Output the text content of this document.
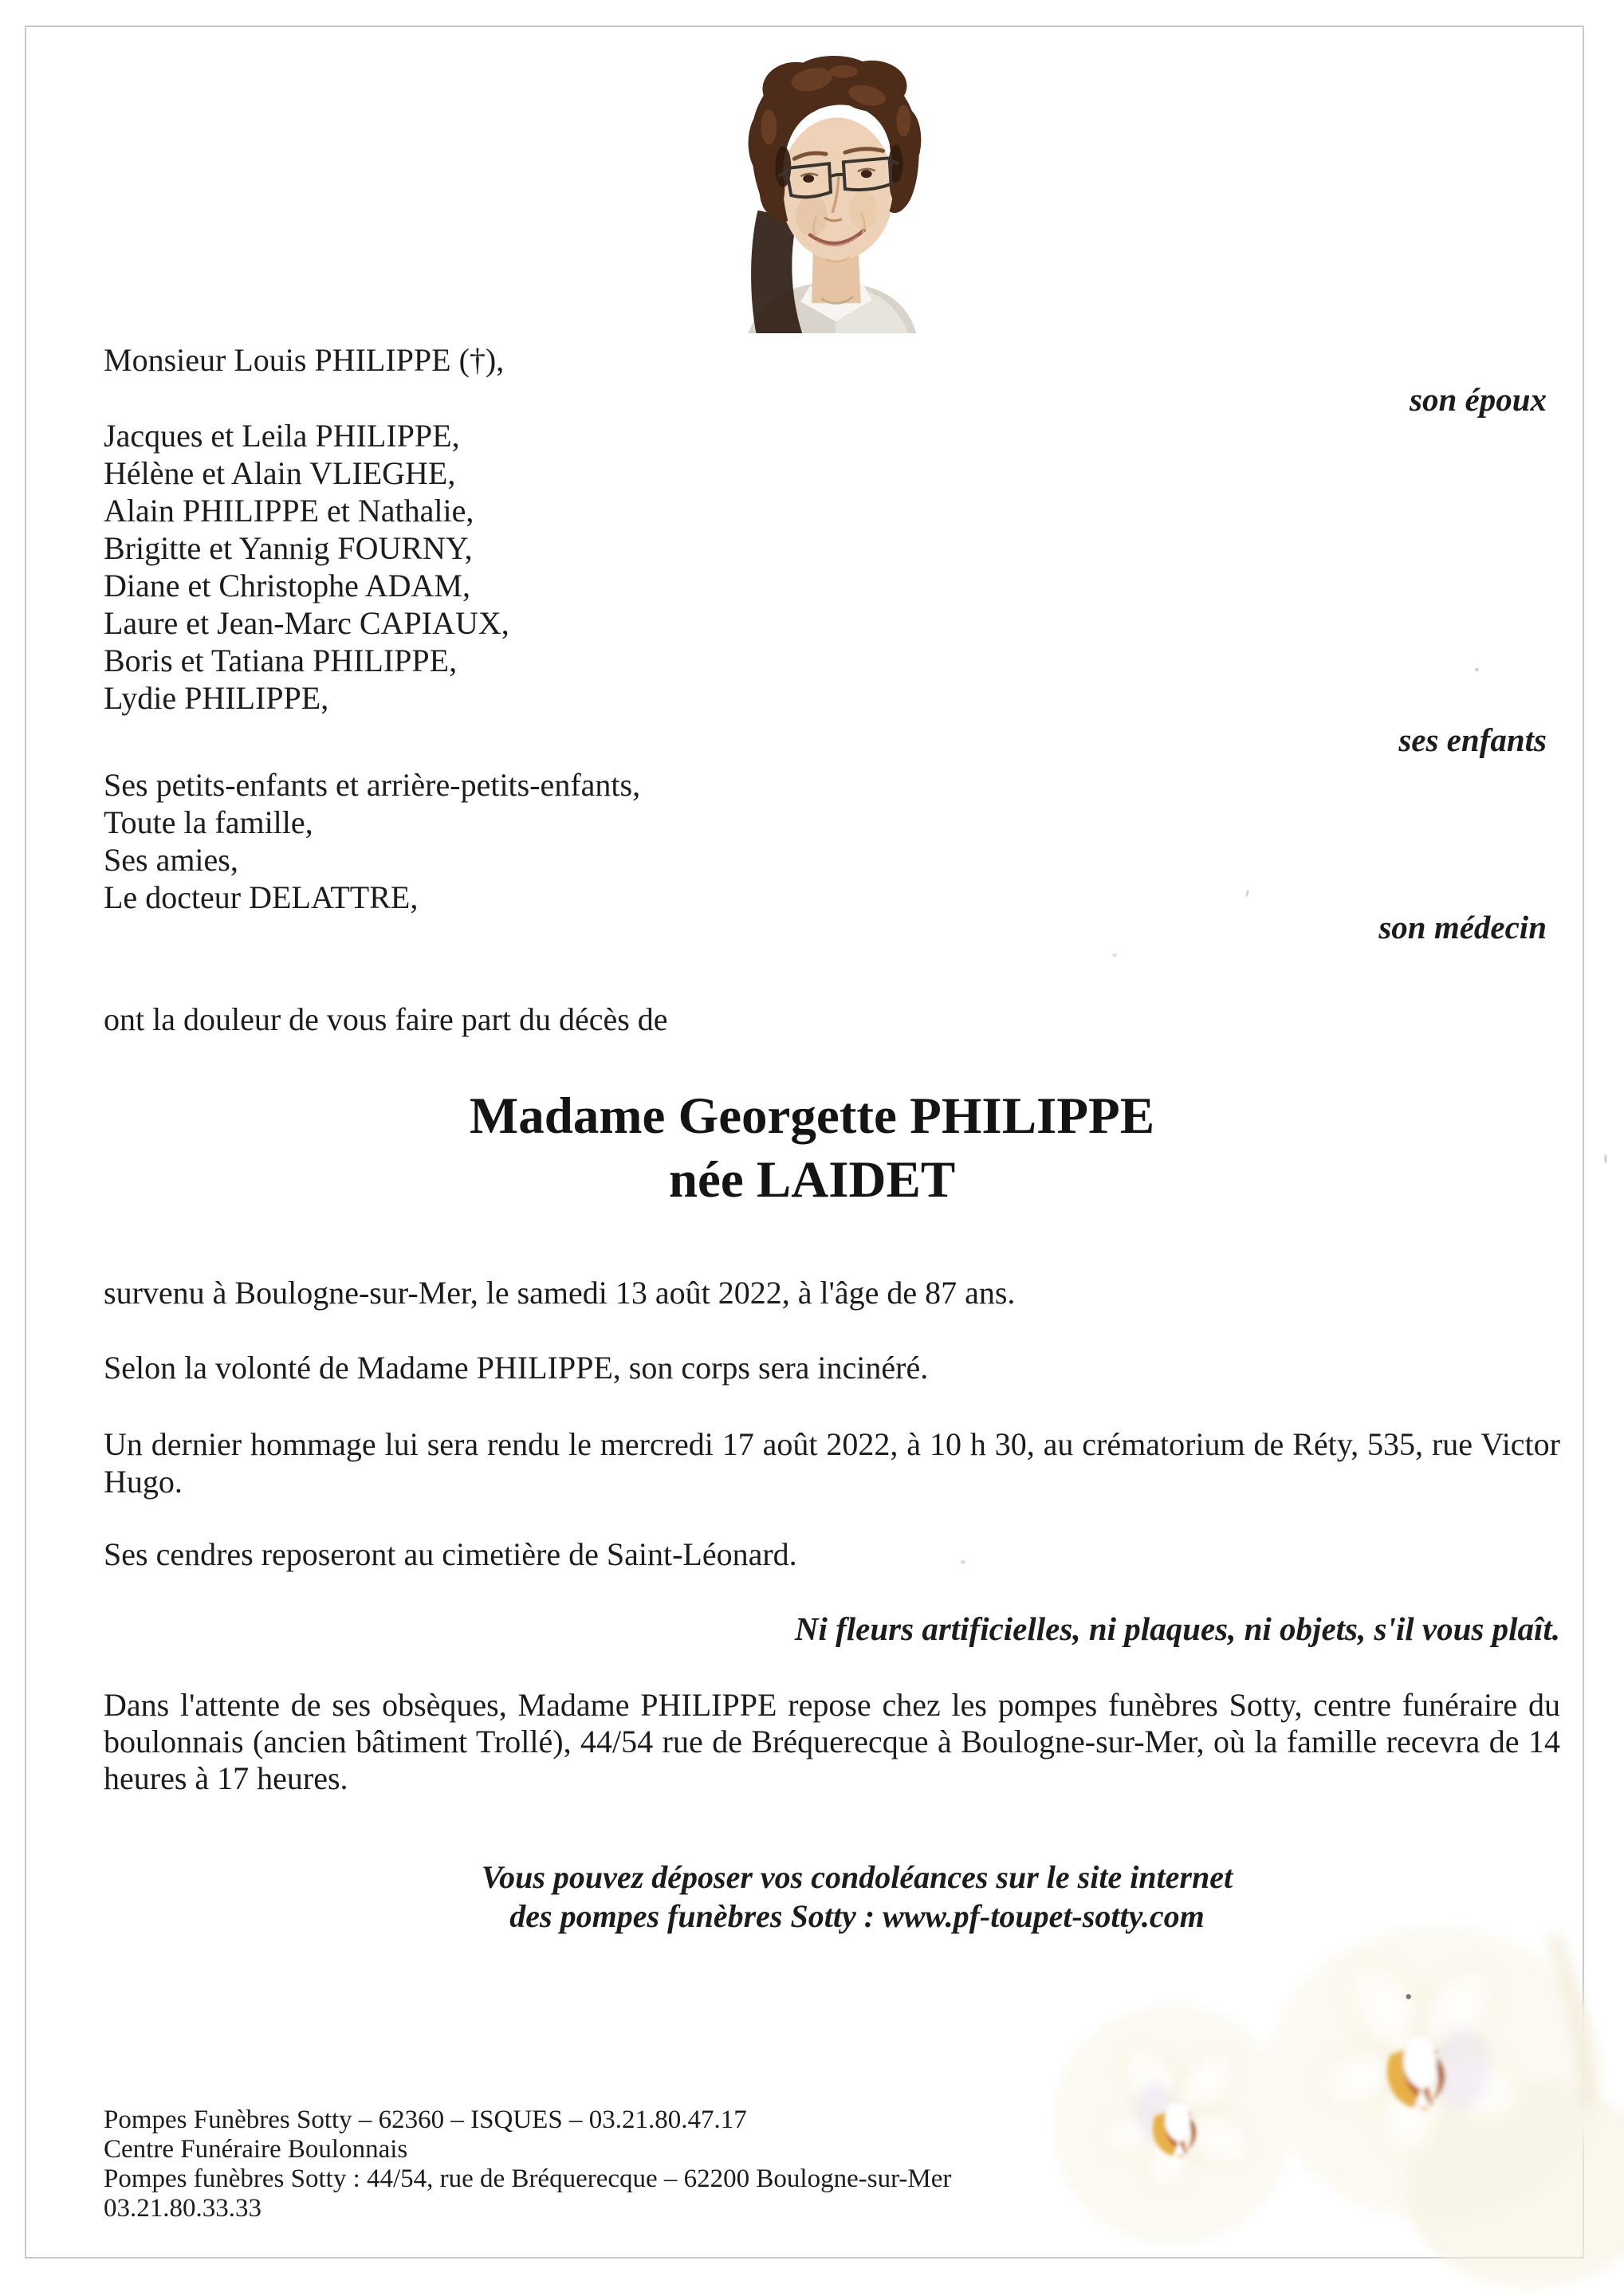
Monsieur Louis PHILIPPE (†),
son époux
Jacques et Leila PHILIPPE,
Hélène et Alain VLIEGHE,
Alain PHILIPPE et Nathalie,
Brigitte et Yannig FOURNY,
Diane et Christophe ADAM,
Laure et Jean-Marc CAPIAUX,
Boris et Tatiana PHILIPPE,
Lydie PHILIPPE,
ses enfants
Ses petits-enfants et arrière-petits-enfants,
Toute la famille,
Ses amies,
Le docteur DELATTRE,
son médecin
ont la douleur de vous faire part du décès de
Madame Georgette PHILIPPE
née LAIDET
survenu à Boulogne-sur-Mer, le samedi 13 août 2022, à l'âge de 87 ans.
Selon la volonté de Madame PHILIPPE, son corps sera incinéré.
Un dernier hommage lui sera rendu le mercredi 17 août 2022, à 10 h 30, au crématorium de Réty, 535, rue Victor Hugo.
Ses cendres reposeront au cimetière de Saint-Léonard.
Ni fleurs artificielles, ni plaques, ni objets, s'il vous plaît.
Dans l'attente de ses obsèques, Madame PHILIPPE repose chez les pompes funèbres Sotty, centre funéraire du boulonnais (ancien bâtiment Trollé), 44/54 rue de Bréquerecque à Boulogne-sur-Mer, où la famille recevra de 14 heures à 17 heures.
Vous pouvez déposer vos condoléances sur le site internet
des pompes funèbres Sotty : www.pf-toupet-sotty.com
Pompes Funèbres Sotty – 62360 – ISQUES – 03.21.80.47.17
Centre Funéraire Boulonnais
Pompes funèbres Sotty : 44/54, rue de Bréquerecque – 62200 Boulogne-sur-Mer
03.21.80.33.33
